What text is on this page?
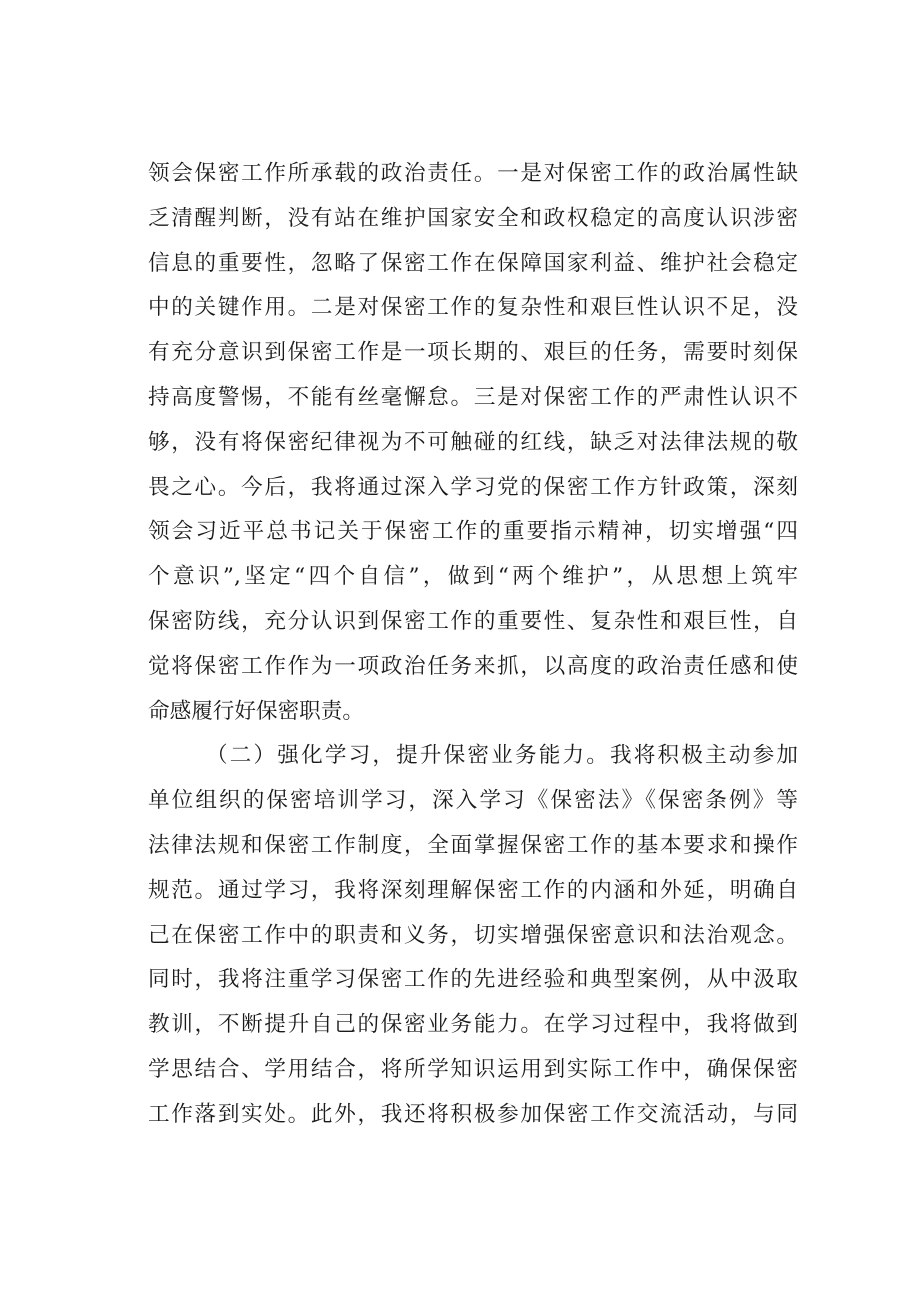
领会保密工作所承载的政治责任。一是对保密工作的政治属性缺
乏清醒判断，没有站在维护国家安全和政权稳定的高度认识涉密
信息的重要性，忽略了保密工作在保障国家利益、维护社会稳定
中的关键作用。二是对保密工作的复杂性和艰巨性认识不足，没
有充分意识到保密工作是一项长期的、艰巨的任务，需要时刻保
持高度警惕，不能有丝毫懈怠。三是对保密工作的严肃性认识不
够，没有将保密纪律视为不可触碰的红线，缺乏对法律法规的敬
畏之心。今后，我将通过深入学习党的保密工作方针政策，深刻
领会习近平总书记关于保密工作的重要指示精神，切实增强“四
个意识”,坚定“四个自信”，做到“两个维护”，从思想上筑牢
保密防线，充分认识到保密工作的重要性、复杂性和艰巨性，自
觉将保密工作作为一项政治任务来抓，以高度的政治责任感和使
命感履行好保密职责。
（二）强化学习，提升保密业务能力。我将积极主动参加
单位组织的保密培训学习，深入学习《保密法》《保密条例》等
法律法规和保密工作制度，全面掌握保密工作的基本要求和操作
规范。通过学习，我将深刻理解保密工作的内涵和外延，明确自
己在保密工作中的职责和义务，切实增强保密意识和法治观念。
同时，我将注重学习保密工作的先进经验和典型案例，从中汲取
教训，不断提升自己的保密业务能力。在学习过程中，我将做到
学思结合、学用结合，将所学知识运用到实际工作中，确保保密
工作落到实处。此外，我还将积极参加保密工作交流活动，与同
